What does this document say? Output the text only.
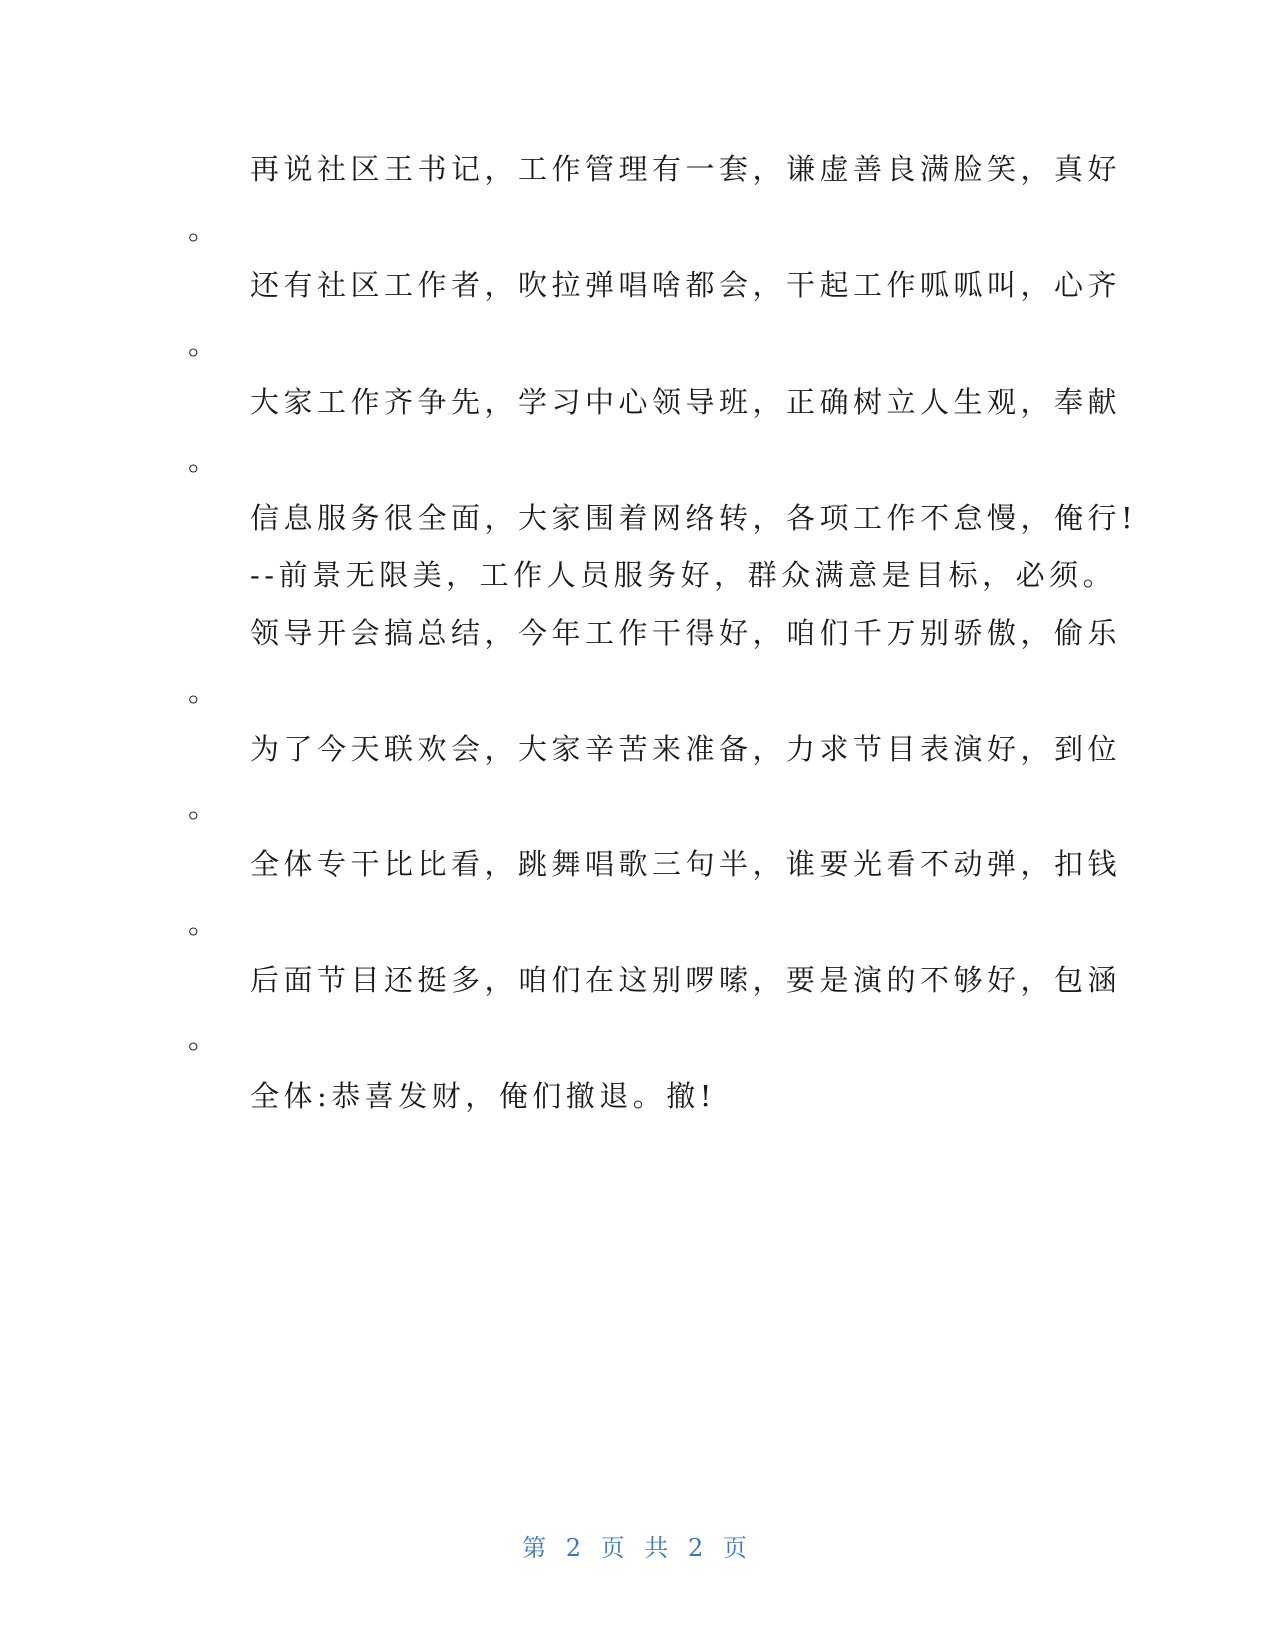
再说社区王书记，工作管理有一套，谦虚善良满脸笑，真好
。
还有社区工作者，吹拉弹唱啥都会，干起工作呱呱叫，心齐
。
大家工作齐争先，学习中心领导班，正确树立人生观，奉献
。
信息服务很全面，大家围着网络转，各项工作不怠慢，俺行!
--前景无限美，工作人员服务好，群众满意是目标，必须。
领导开会搞总结，今年工作干得好，咱们千万别骄傲，偷乐
。
为了今天联欢会，大家辛苦来准备，力求节目表演好，到位
。
全体专干比比看，跳舞唱歌三句半，谁要光看不动弹，扣钱
。
后面节目还挺多，咱们在这别啰嗦，要是演的不够好，包涵
。
全体:恭喜发财，俺们撤退。撤!
第 2 页 共 2 页
